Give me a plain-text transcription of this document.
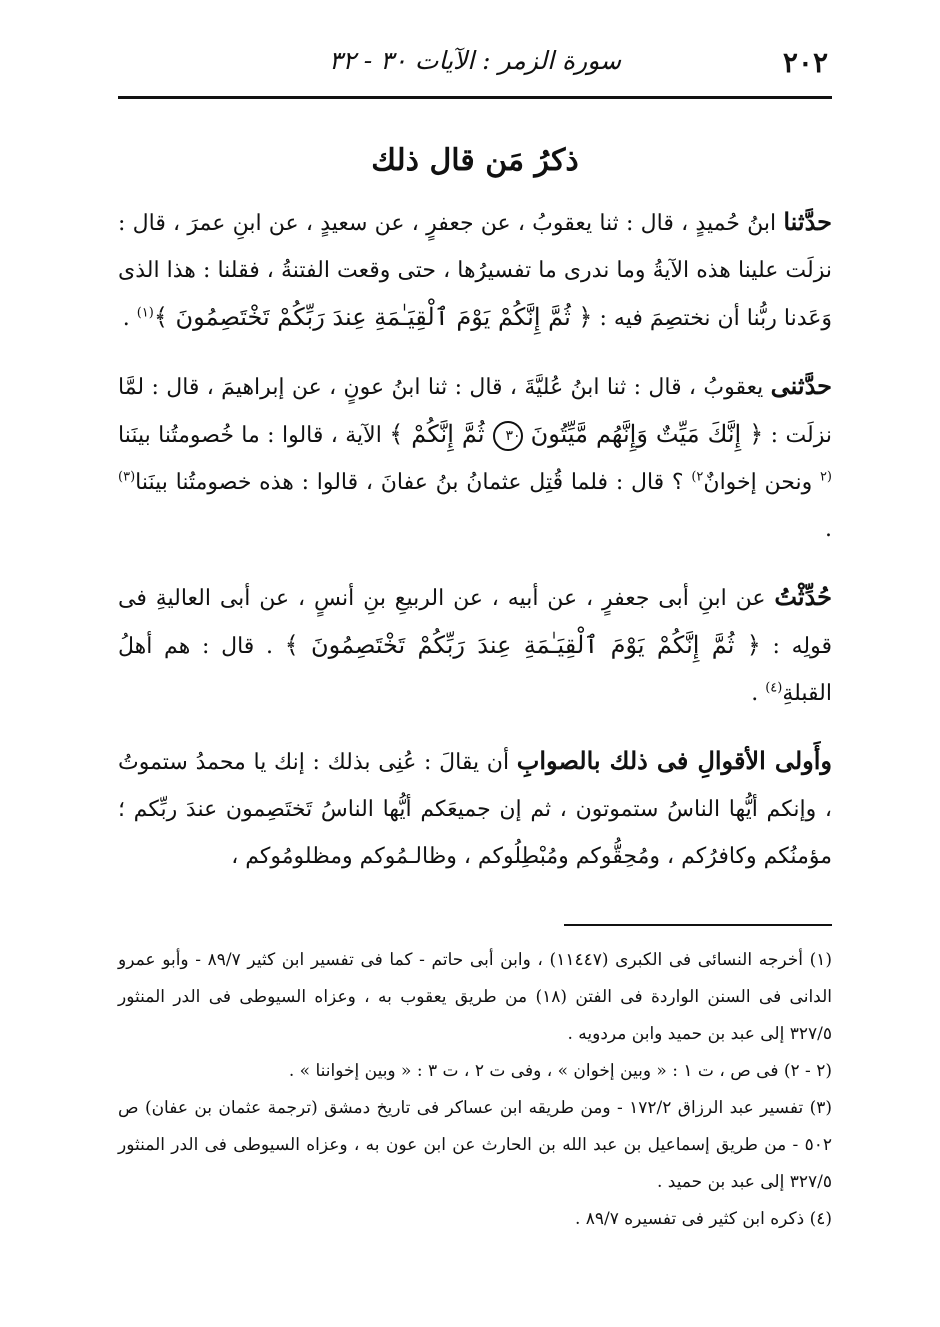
٢٠٢
سورة الزمر : الآيات ٣٠ - ٣٢
ذكرُ مَن قال ذلك

حدَّثنا ابنُ حُميدٍ ، قال : ثنا يعقوبُ ، عن جعفرٍ ، عن سعيدٍ ، عن ابنِ عمرَ ، قال : نزلَت علينا هذه الآيةُ وما ندرى ما تفسيرُها ، حتى وقعت الفتنةُ ، فقلنا : هذا الذى وَعَدنا ربُّنا أن نختصِمَ فيه : ﴿ ثُمَّ إِنَّكُمْ يَوْمَ ٱلْقِيَـٰمَةِ عِندَ رَبِّكُمْ تَخْتَصِمُونَ ﴾$^{(١)}$ .

حدَّثنى يعقوبُ ، قال : ثنا ابنُ عُليَّةَ ، قال : ثنا ابنُ عونٍ ، عن إبراهيمَ ، قال : لمَّا نزلَت : ﴿ إِنَّكَ مَيِّتٌ وَإِنَّهُم مَّيِّتُونَ ٣٠ ثُمَّ إِنَّكُمْ ﴾ الآية ، قالوا : ما خُصومتُنا بينَنا $^{(٢}$ ونحن إخوانٌ$^{٢)}$ ؟ قال : فلما قُتِل عثمانُ بنُ عفانَ ، قالوا : هذه خصومتُنا بينَنا$^{(٣)}$ .

حُدِّثْتُ عن ابنِ أبى جعفرٍ ، عن أبيه ، عن الربيعِ بنِ أنسٍ ، عن أبى العاليةِ فى قولِه : ﴿ ثُمَّ إِنَّكُمْ يَوْمَ ٱلْقِيَـٰمَةِ عِندَ رَبِّكُمْ تَخْتَصِمُونَ ﴾ . قال : هم أهلُ القبلةِ$^{(٤)}$ .

وأَولى الأقوالِ فى ذلك بالصوابِ أن يقالَ : عُنِى بذلك : إنك يا محمدُ ستموتُ ، وإنكم أيُّها الناسُ ستموتون ، ثم إن جميعَكم أيُّها الناسُ تَختَصِمون عندَ ربِّكم ؛ مؤمنُكم وكافرُكم ، ومُحِقُّوكم ومُبْطِلُوكم ، وظالـمُوكم ومظلومُوكم ،

(١) أخرجه النسائى فى الكبرى (١١٤٤٧) ، وابن أبى حاتم - كما فى تفسير ابن كثير ٨٩/٧ - وأبو عمرو الدانى فى السنن الواردة فى الفتن (١٨) من طريق يعقوب به ، وعزاه السيوطى فى الدر المنثور ٣٢٧/٥ إلى عبد بن حميد وابن مردويه .

(٢ - ٢) فى ص ، ت ١ : « وبين إخوان » ، وفى ت ٢ ، ت ٣ : « وبين إخواننا » .

(٣) تفسير عبد الرزاق ١٧٢/٢ - ومن طريقه ابن عساكر فى تاريخ دمشق (ترجمة عثمان بن عفان) ص ٥٠٢ - من طريق إسماعيل بن عبد الله بن الحارث عن ابن عون به ، وعزاه السيوطى فى الدر المنثور ٣٢٧/٥ إلى عبد بن حميد .

(٤) ذكره ابن كثير فى تفسيره ٨٩/٧ .
